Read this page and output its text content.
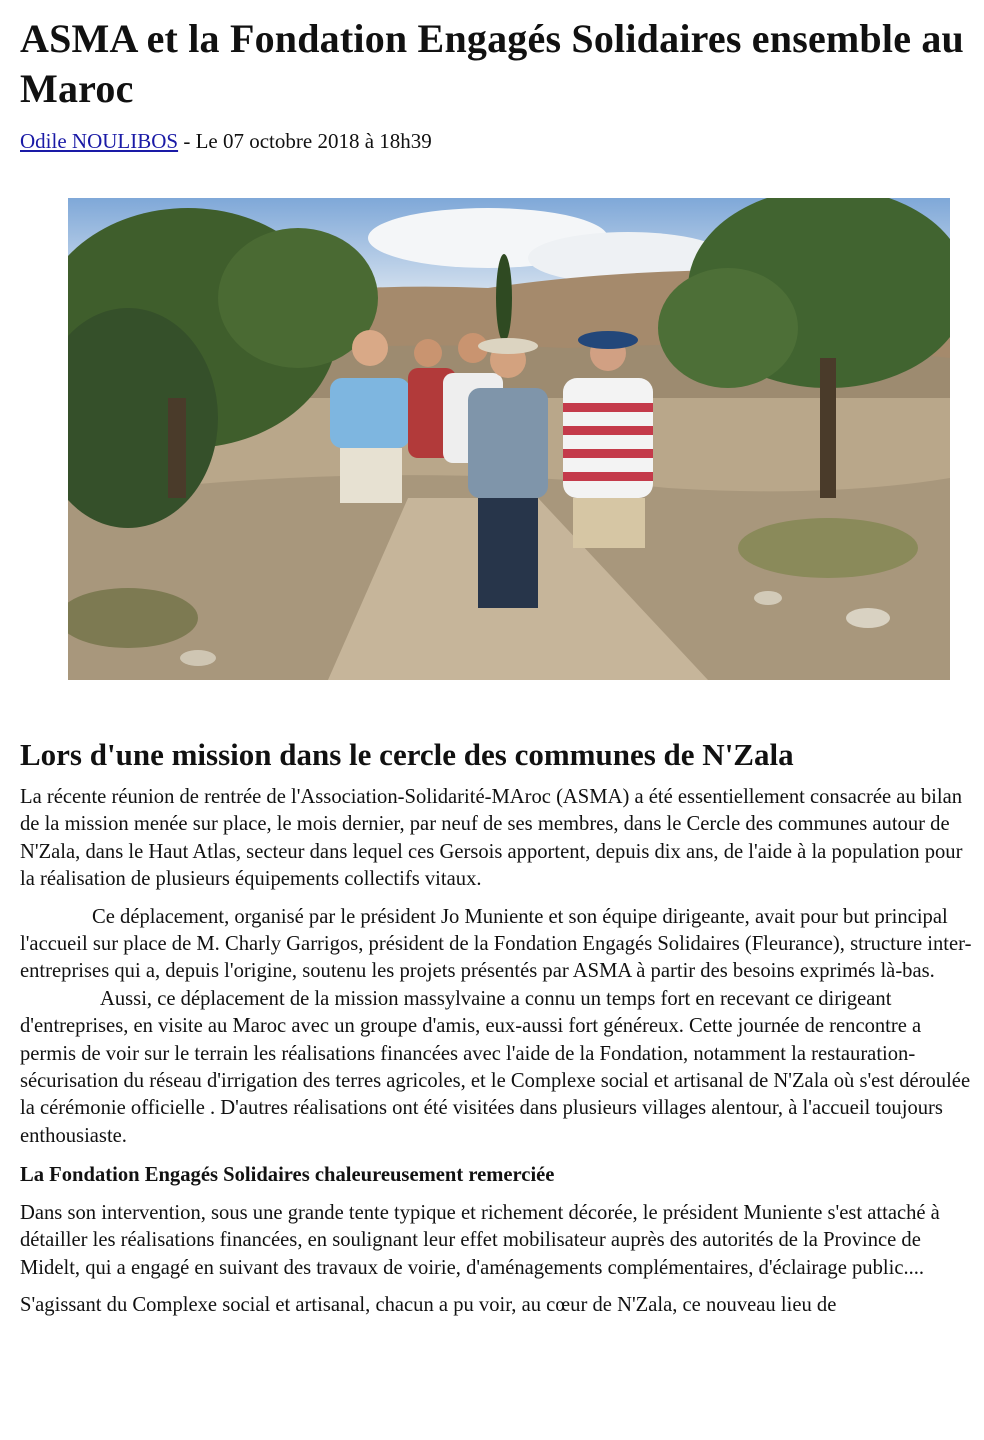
ASMA et la Fondation Engagés Solidaires ensemble au Maroc
Odile NOULIBOS - Le 07 octobre 2018 à 18h39
Lors d'une mission dans le cercle des communes de N'Zala

La récente réunion de rentrée de l'Association-Solidarité-MAroc (ASMA) a été essentiellement consacrée au bilan de la mission menée sur place, le mois dernier, par neuf de ses membres, dans le Cercle des communes autour de N'Zala, dans le Haut Atlas, secteur dans lequel ces Gersois apportent, depuis dix ans, de l'aide à la population pour la réalisation de plusieurs équipements collectifs vitaux.

Ce déplacement, organisé par le président Jo Muniente et son équipe dirigeante, avait pour but principal l'accueil sur place de M. Charly Garrigos, président de la Fondation Engagés Solidaires (Fleurance), structure inter-entreprises qui a, depuis l'origine, soutenu les projets présentés par ASMA à partir des besoins exprimés là-bas.Aussi, ce déplacement de la mission massylvaine a connu un temps fort en recevant ce dirigeant d'entreprises, en visite au Maroc avec un groupe d'amis, eux-aussi fort généreux. Cette journée de rencontre a permis de voir sur le terrain les réalisations financées avec l'aide de la Fondation, notamment la restauration-sécurisation du réseau d'irrigation des terres agricoles, et le Complexe social et artisanal de N'Zala où s'est déroulée la cérémonie officielle . D'autres réalisations ont été visitées dans plusieurs villages alentour, à l'accueil toujours enthousiaste.

La Fondation Engagés Solidaires chaleureusement remerciée

Dans son intervention, sous une grande tente typique et richement décorée, le président Muniente s'est attaché à détailler les réalisations financées, en soulignant leur effet mobilisateur auprès des autorités de la Province de Midelt, qui a engagé en suivant des travaux de voirie, d'aménagements complémentaires, d'éclairage public....

S'agissant du Complexe social et artisanal, chacun a pu voir, au cœur de N'Zala, ce nouveau lieu de
